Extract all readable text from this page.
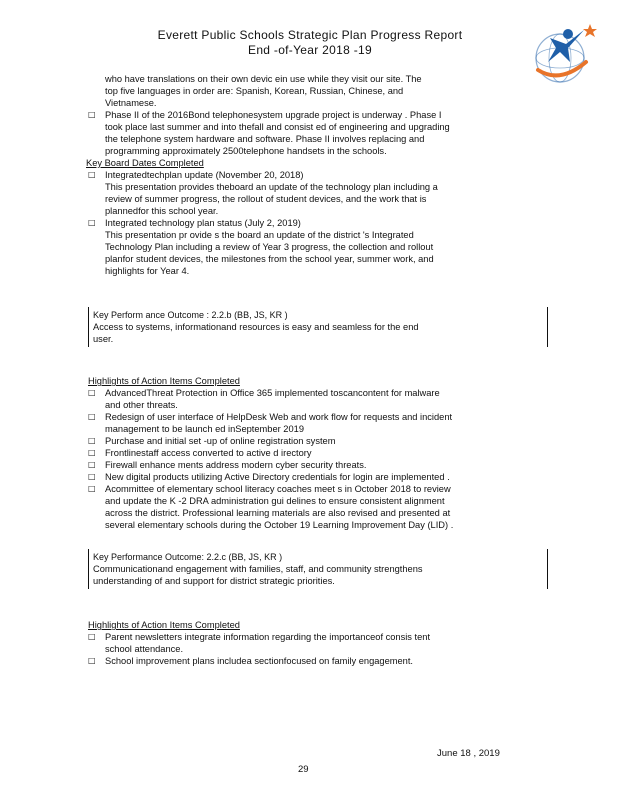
Everett Public Schools Strategic Plan Progress Report
End -of-Year 2018 -19

who have translations on their own devic ein use while they visit our site. The

top five languages in order are: Spanish, Korean, Russian, Chinese, and

Vietnamese.

□ Phase II of the 2016Bond telephonesystem upgrade project is underway . Phase I

took place last summer and into thefall and consist ed of engineering and upgrading

the telephone system hardware and software. Phase II involves replacing and

programming approximately 2500telephone handsets in the schools.

Key Board Dates Completed

□ Integratedtechplan update (November 20, 2018)

This presentation provides theboard an update of the technology plan including a

review of summer progress, the rollout of student devices, and the work that is

plannedfor this school year.

□ Integrated technology plan status (July 2, 2019)

This presentation pr ovide s the board an update of the district 's Integrated

Technology Plan including a review of Year 3 progress, the collection and rollout

planfor student devices, the milestones from the school year, summer work, and

highlights for Year 4.

Key Perform ance Outcome : 2.2.b (BB, JS, KR )

Access to systems, informationand resources is easy and seamless for the end

user.

Highlights of Action Items Completed

□ AdvancedThreat Protection in Office 365 implemented toscancontent for malware

and other threats.

□ Redesign of user interface of HelpDesk Web and work flow for requests and incident

management to be launch ed inSeptember 2019

□ Purchase and initial set -up of online registration system

□ Frontlinestaff access converted to active d irectory

□ Firewall enhance ments address modern cyber security threats.

□ New digital products utilizing Active Directory credentials for login are implemented .

□ Acommittee of elementary school literacy coaches meet s in October 2018 to review

and update the K -2 DRA administration gui delines to ensure consistent alignment

across the district. Professional learning materials are also revised and presented at

several elementary schools during the October 19 Learning Improvement Day (LID) .

Key Performance Outcome: 2.2.c (BB, JS, KR )

Communicationand engagement with families, staff, and community strengthens

understanding of and support for district strategic priorities.

Highlights of Action Items Completed

□ Parent newsletters integrate information regarding the importanceof consis tent

school attendance.

□ School improvement plans includea sectionfocused on family engagement.

June 18 , 2019
29
